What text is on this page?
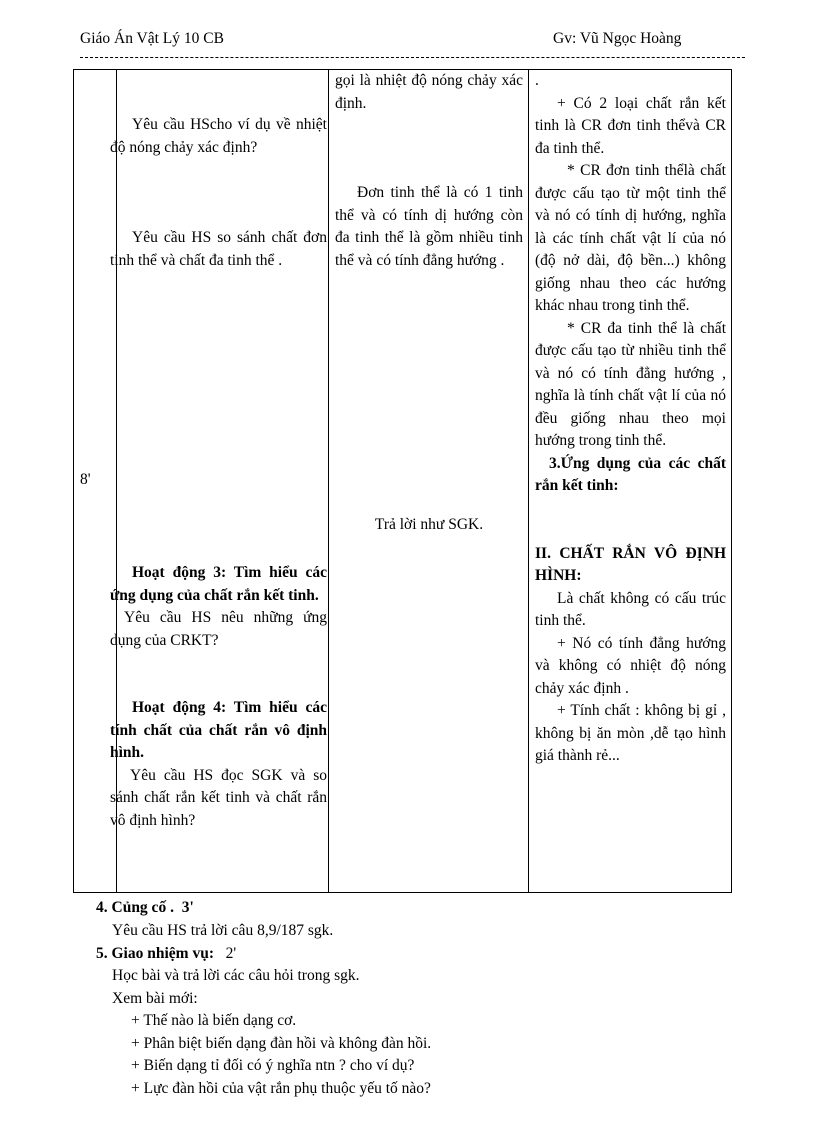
Giáo Án Vật Lý 10 CB	Gv: Vũ Ngọc Hoàng
8'

Yêu cầu HScho ví dụ về nhiệt độ nóng chảy xác định?

Yêu cầu HS so sánh chất đơn tinh thể và chất đa tinh thể .

Hoạt động 3: Tìm hiểu các ứng dụng của chất rắn kết tinh.

Yêu cầu HS nêu những ứng dụng của CRKT?

Hoạt động 4: Tìm hiểu các tính chất của chất rắn vô định hình.

Yêu cầu HS đọc SGK và so sánh chất rắn kết tinh và chất rắn vô định hình?

gọi là nhiệt độ nóng chảy xác định.

Đơn tinh thể là có 1 tinh thể và có tính dị hướng còn đa tinh thể là gồm nhiều tinh thể và có tính đẳng hướng .

Trả lời như SGK.

.

+ Có 2 loại chất rắn kết tinh là CR đơn tinh thểvà CR đa tinh thể.

* CR đơn tinh thểlà chất được cấu tạo từ một tinh thể và nó có tính dị hướng, nghĩa là các tính chất vật lí của nó (độ nở dài, độ bền...) không giống nhau theo các hướng khác nhau trong tinh thể.

* CR đa tinh thể là chất được cấu tạo từ nhiều tinh thể và nó có tính đẳng hướng , nghĩa là tính chất vật lí của nó đều giống nhau theo mọi hướng trong tinh thể.

3.Ứng dụng của các chất rắn kết tinh:

II. CHẤT RẮN VÔ ĐỊNH HÌNH:

Là chất không có cấu trúc tinh thể.

+ Nó có tính đẳng hướng và không có nhiệt độ nóng chảy xác định .

+ Tính chất : không bị gỉ , không bị ăn mòn ,dễ tạo hình giá thành rẻ...

4. Củng cố . 3'
Yêu cầu HS trả lời câu 8,9/187 sgk.
5. Giao nhiệm vụ: 2'
Học bài và trả lời các câu hỏi trong sgk.
Xem bài mới:
+ Thế nào là biến dạng cơ.
+ Phân biệt biến dạng đàn hồi và không đàn hồi.
+ Biến dạng tỉ đối có ý nghĩa ntn ? cho ví dụ?
+ Lực đàn hồi của vật rắn phụ thuộc yếu tố nào?
